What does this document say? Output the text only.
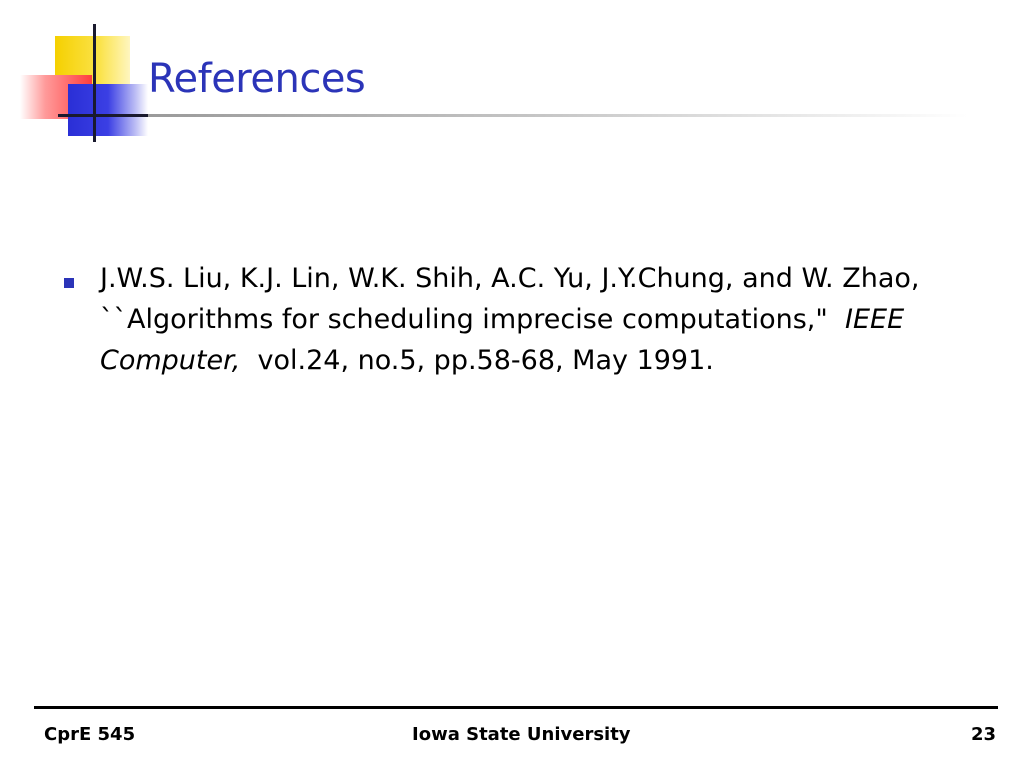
References
J.W.S. Liu, K.J. Lin, W.K. Shih, A.C. Yu, J.Y.Chung, and W. Zhao, ``Algorithms for scheduling imprecise computations," IEEE Computer, vol.24, no.5, pp.58-68, May 1991.
CprE 545	Iowa State University	23
